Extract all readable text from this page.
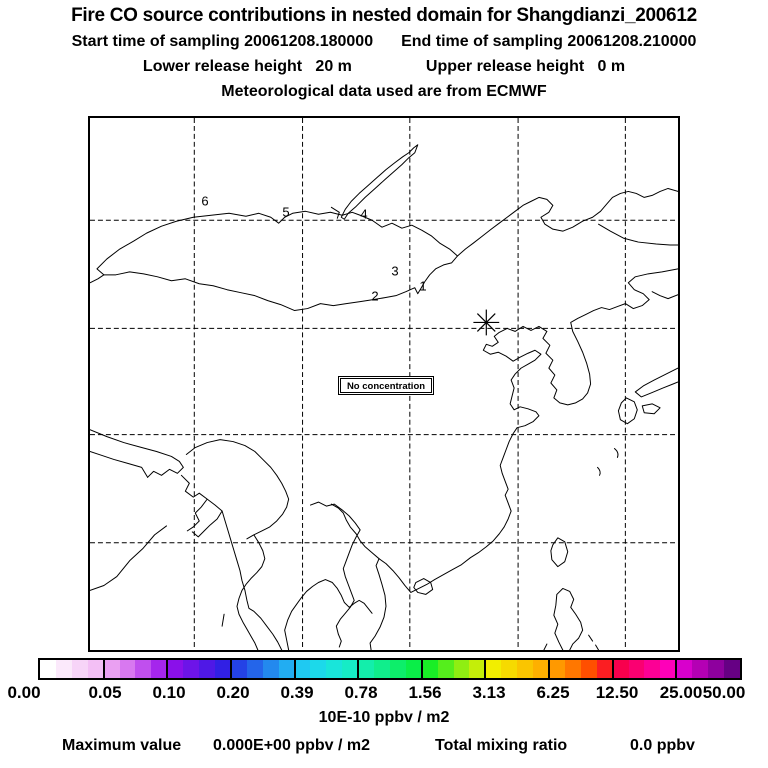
Fire CO source contributions in nested domain for Shangdianzi_200612
Start time of sampling 20061208.180000 End time of sampling 20061208.210000
Lower release height   20 m	Upper release height   0 m
Meteorological data used are from ECMWF
No concentration
1
2
3
4
5
6
0.00	0.05 0.10 0.20 0.39 0.78 1.56 3.13 6.25 12.50 25.00 50.00
10E-10 ppbv / m2
Maximum value 0.000E+00 ppbv / m2	Total mixing ratio	0.0 ppbv
